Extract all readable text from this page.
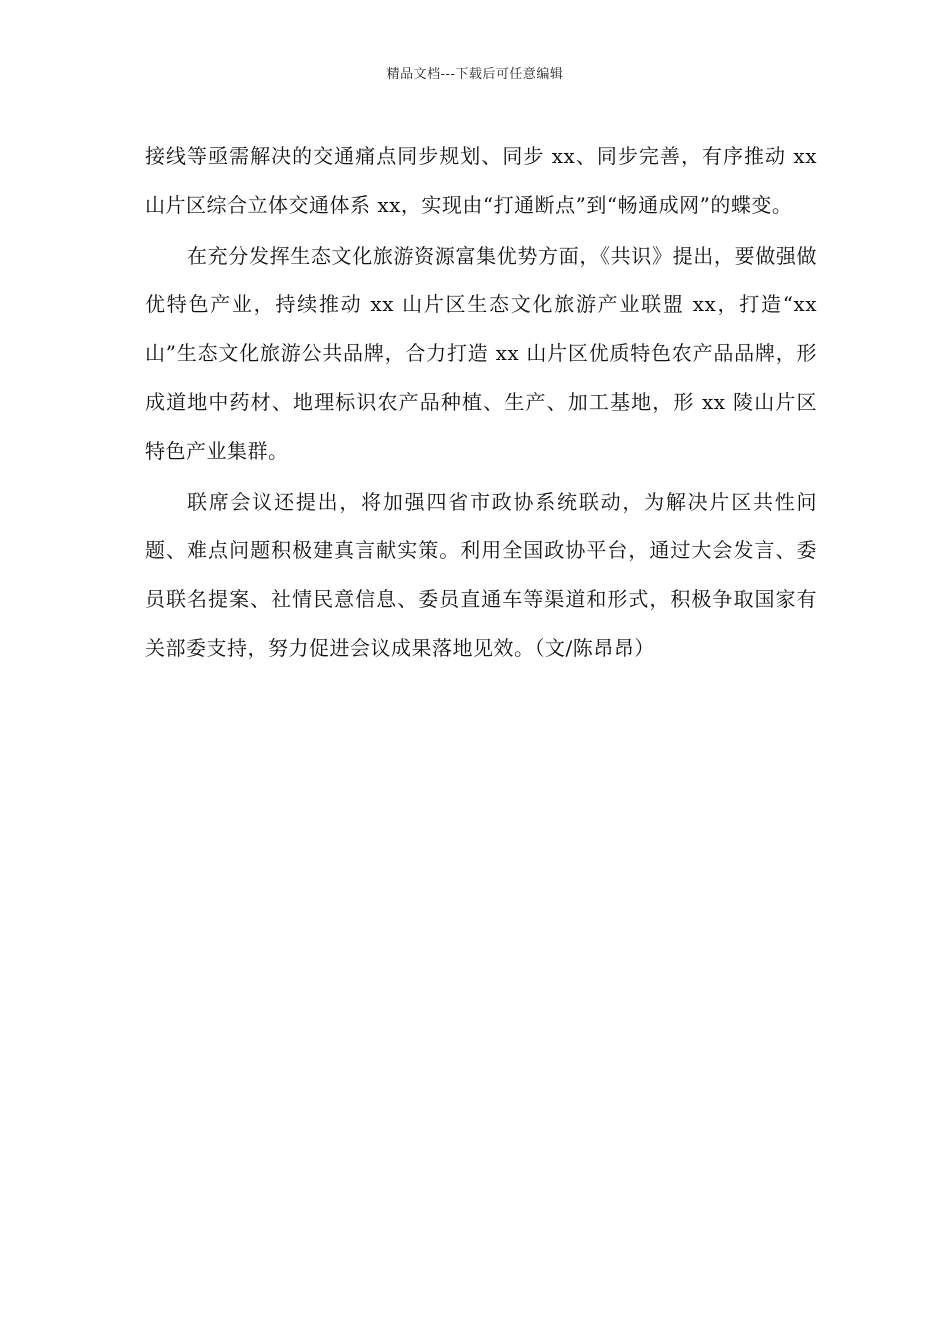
精品文档---下载后可任意编辑

接线等亟需解决的交通痛点同步规划、同步 xx、同步完善，有序推动 xx 山片区综合立体交通体系 xx，实现由“打通断点”到“畅通成网”的蝶变。

在充分发挥生态文化旅游资源富集优势方面，《共识》提出，要做强做优特色产业，持续推动 xx 山片区生态文化旅游产业联盟 xx，打造“xx 山”生态文化旅游公共品牌，合力打造 xx 山片区优质特色农产品品牌，形成道地中药材、地理标识农产品种植、生产、加工基地，形 xx 陵山片区特色产业集群。

联席会议还提出，将加强四省市政协系统联动，为解决片区共性问题、难点问题积极建真言献实策。利用全国政协平台，通过大会发言、委员联名提案、社情民意信息、委员直通车等渠道和形式，积极争取国家有关部委支持，努力促进会议成果落地见效。（文/陈昂昂）
